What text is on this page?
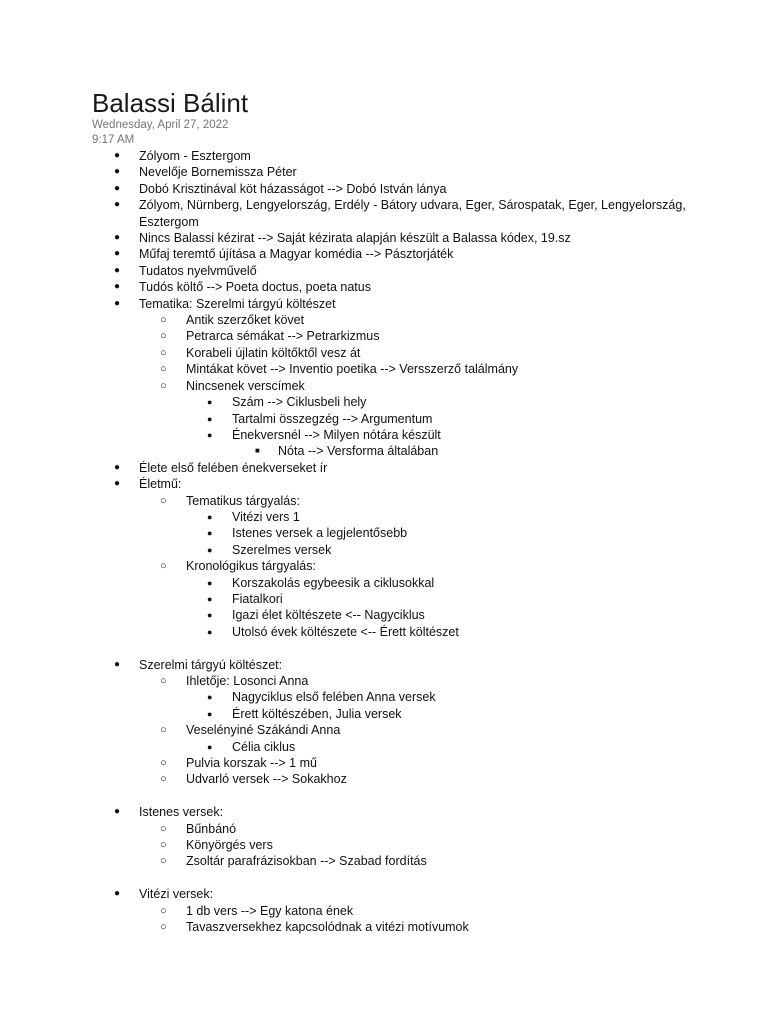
Balassi Bálint
Wednesday, April 27, 2022
9:17 AM
● Zólyom - Esztergom
● Nevelője Bornemissza Péter
● Dobó Krisztinával köt házasságot --> Dobó István lánya
● Zólyom, Nürnberg, Lengyelország, Erdély - Bátory udvara, Eger, Sárospatak, Eger, Lengyelország, Esztergom
● Nincs Balassi kézirat --> Saját kézirata alapján készült a Balassa kódex, 19.sz
● Műfaj teremtő újítása a Magyar komédia --> Pásztorjáték
● Tudatos nyelvművelő
● Tudós költő --> Poeta doctus, poeta natus
● Tematika: Szerelmi tárgyú költészet
○ Antik szerzőket követ
○ Petrarca sémákat --> Petrarkizmus
○ Korabeli újlatin költőktől vesz át
○ Mintákat követ --> Inventio poetika --> Versszerző találmány
○ Nincsenek verscímek
● Szám --> Ciklusbeli hely
● Tartalmi összegzég --> Argumentum
● Énekversnél --> Milyen nótára készült
■ Nóta --> Versforma általában
● Élete első felében énekverseket ír
● Életmű:
○ Tematikus tárgyalás:
● Vitézi vers 1
● Istenes versek a legjelentősebb
● Szerelmes versek
○ Kronológikus tárgyalás:
● Korszakolás egybeesik a ciklusokkal
● Fiatalkori
● Igazi élet költészete <-- Nagyciklus
● Utolsó évek költészete <-- Érett költészet
● Szerelmi tárgyú költészet:
○ Ihletője: Losonci Anna
● Nagyciklus első felében Anna versek
● Érett költészében, Julia versek
○ Veselényiné Szákándi Anna
● Célia ciklus
○ Pulvia korszak --> 1 mű
○ Udvarló versek --> Sokakhoz
● Istenes versek:
○ Bűnbánó
○ Könyörgés vers
○ Zsoltár parafrázisokban --> Szabad fordítás
● Vitézi versek:
○ 1 db vers --> Egy katona ének
○ Tavaszversekhez kapcsolódnak a vitézi motívumok
